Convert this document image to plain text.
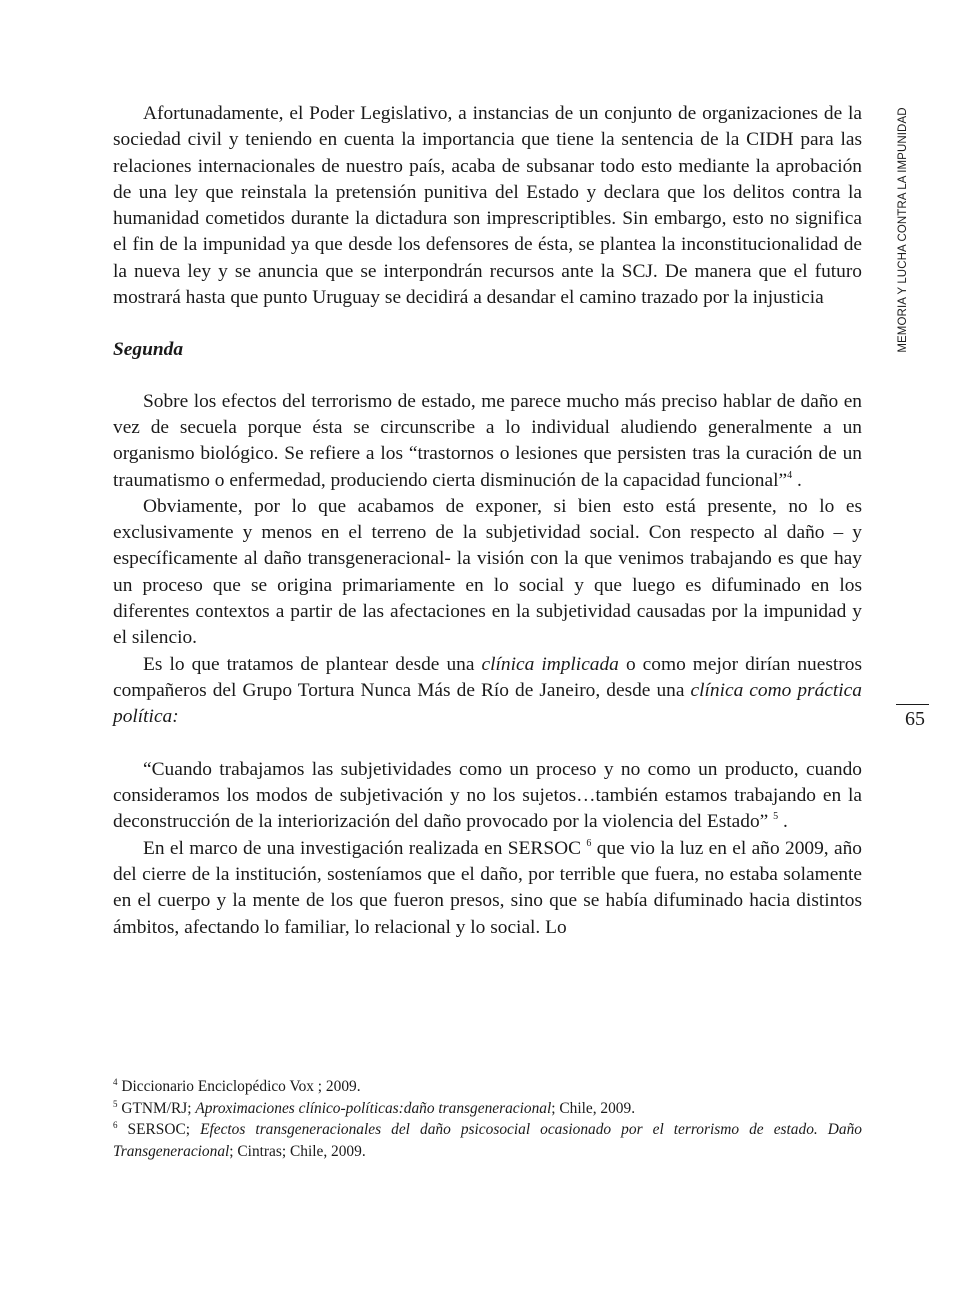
MEMORIA Y LUCHA CONTRA LA IMPUNIDAD
65

Afortunadamente, el Poder Legislativo, a instancias de un conjunto de organizaciones de la sociedad civil y teniendo en cuenta la importancia que tiene la sentencia de la CIDH para las relaciones internacionales de nuestro país, acaba de subsanar todo esto mediante la aprobación de una ley que reinstala la pretensión punitiva del Estado y declara que los delitos contra la humanidad cometidos durante la dictadura son imprescriptibles. Sin embargo, esto no significa el fin de la impunidad ya que desde los defensores de ésta, se plantea la inconstitucionalidad de la nueva ley y se anuncia que se interpondrán recursos ante la SCJ. De manera que el futuro mostrará hasta que punto Uruguay se decidirá a desandar el camino trazado por la injusticia

Segunda

Sobre los efectos del terrorismo de estado, me parece mucho más preciso hablar de daño en vez de secuela porque ésta se circunscribe a lo individual aludiendo generalmente a un organismo biológico. Se refiere a los “trastornos o lesiones que persisten tras la curación de un traumatismo o enfermedad, produciendo cierta disminución de la capacidad funcional”$^4$ .

Obviamente, por lo que acabamos de exponer, si bien esto está presente, no lo es exclusivamente y menos en el terreno de la subjetividad social. Con respecto al daño – y específicamente al daño transgeneracional- la visión con la que venimos trabajando es que hay un proceso que se origina primariamente en lo social y que luego es difuminado en los diferentes contextos a partir de las afectaciones en la subjetividad causadas por la impunidad y el silencio.

Es lo que tratamos de plantear desde una clínica implicada o como mejor dirían nuestros compañeros del Grupo Tortura Nunca Más de Río de Janeiro, desde una clínica como práctica política:

“Cuando trabajamos las subjetividades como un proceso y no como un producto, cuando consideramos los modos de subjetivación y no los sujetos…también estamos trabajando en la deconstrucción de la interiorización del daño provocado por la violencia del Estado” $^5$ .

En el marco de una investigación realizada en SERSOC $^6$ que vio la luz en el año 2009, año del cierre de la institución, sosteníamos que el daño, por terrible que fuera, no estaba solamente en el cuerpo y la mente de los que fueron presos, sino que se había difuminado hacia distintos ámbitos, afectando lo familiar, lo relacional y lo social. Lo

$^4$ Diccionario Enciclopédico Vox ; 2009.

$^5$ GTNM/RJ; Aproximaciones clínico-políticas:daño transgeneracional; Chile, 2009.

$^6$ SERSOC; Efectos transgeneracionales del daño psicosocial ocasionado por el terrorismo de estado. Daño Transgeneracional; Cintras; Chile, 2009.
